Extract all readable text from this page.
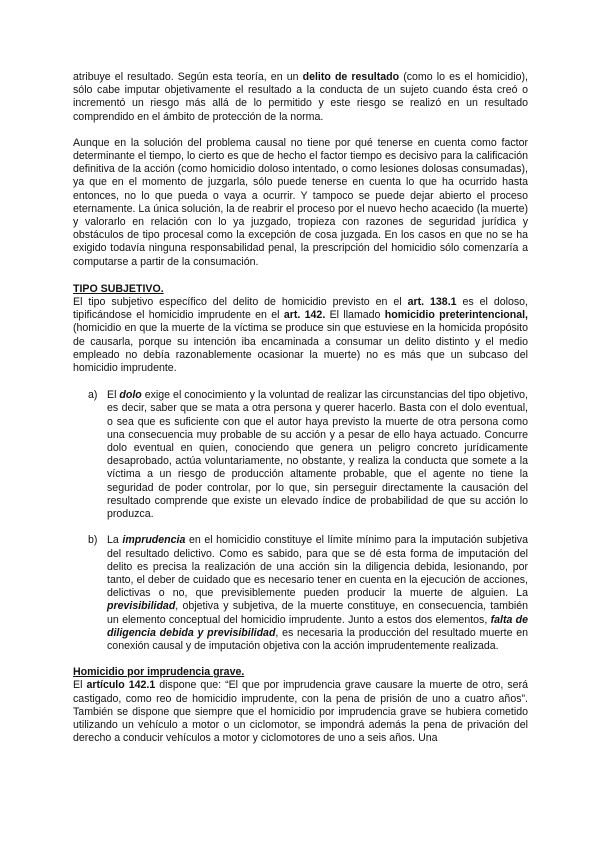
atribuye el resultado. Según esta teoría, en un delito de resultado (como lo es el homicidio), sólo cabe imputar objetivamente el resultado a la conducta de un sujeto cuando ésta creó o incrementó un riesgo más allá de lo permitido y este riesgo se realizó en un resultado comprendido en el ámbito de protección de la norma.

Aunque en la solución del problema causal no tiene por qué tenerse en cuenta como factor determinante el tiempo, lo cierto es que de hecho el factor tiempo es decisivo para la calificación definitiva de la acción (como homicidio doloso intentado, o como lesiones dolosas consumadas), ya que en el momento de juzgarla, sólo puede tenerse en cuenta lo que ha ocurrido hasta entonces, no lo que pueda o vaya a ocurrir. Y tampoco se puede dejar abierto el proceso eternamente. La única solución, la de reabrir el proceso por el nuevo hecho acaecido (la muerte) y valorarlo en relación con lo ya juzgado, tropieza con razones de seguridad jurídica y obstáculos de tipo procesal como la excepción de cosa juzgada. En los casos en que no se ha exigido todavía ninguna responsabilidad penal, la prescripción del homicidio sólo comenzaría a computarse a partir de la consumación.

TIPO SUBJETIVO.

El tipo subjetivo específico del delito de homicidio previsto en el art. 138.1 es el doloso, tipificándose el homicidio imprudente en el art. 142. El llamado homicidio preterintencional, (homicidio en que la muerte de la víctima se produce sin que estuviese en la homicida propósito de causarla, porque su intención iba encaminada a consumar un delito distinto y el medio empleado no debía razonablemente ocasionar la muerte) no es más que un subcaso del homicidio imprudente.

a) El dolo exige el conocimiento y la voluntad de realizar las circunstancias del tipo objetivo, es decir, saber que se mata a otra persona y querer hacerlo. Basta con el dolo eventual, o sea que es suficiente con que el autor haya previsto la muerte de otra persona como una consecuencia muy probable de su acción y a pesar de ello haya actuado. Concurre dolo eventual en quien, conociendo que genera un peligro concreto jurídicamente desaprobado, actúa voluntariamente, no obstante, y realiza la conducta que somete a la víctima a un riesgo de producción altamente probable, que el agente no tiene la seguridad de poder controlar, por lo que, sin perseguir directamente la causación del resultado comprende que existe un elevado índice de probabilidad de que su acción lo produzca.
b) La imprudencia en el homicidio constituye el límite mínimo para la imputación subjetiva del resultado delictivo. Como es sabido, para que se dé esta forma de imputación del delito es precisa la realización de una acción sin la diligencia debida, lesionando, por tanto, el deber de cuidado que es necesario tener en cuenta en la ejecución de acciones, delictivas o no, que previsiblemente pueden producir la muerte de alguien. La previsibilidad, objetiva y subjetiva, de la muerte constituye, en consecuencia, también un elemento conceptual del homicidio imprudente. Junto a estos dos elementos, falta de diligencia debida y previsibilidad, es necesaria la producción del resultado muerte en conexión causal y de imputación objetiva con la acción imprudentemente realizada.

Homicidio por imprudencia grave.

El artículo 142.1 dispone que: “El que por imprudencia grave causare la muerte de otro, será castigado, como reo de homicidio imprudente, con la pena de prisión de uno a cuatro años”. También se dispone que siempre que el homicidio por imprudencia grave se hubiera cometido utilizando un vehículo a motor o un ciclomotor, se impondrá además la pena de privación del derecho a conducir vehículos a motor y ciclomotores de uno a seis años. Una
